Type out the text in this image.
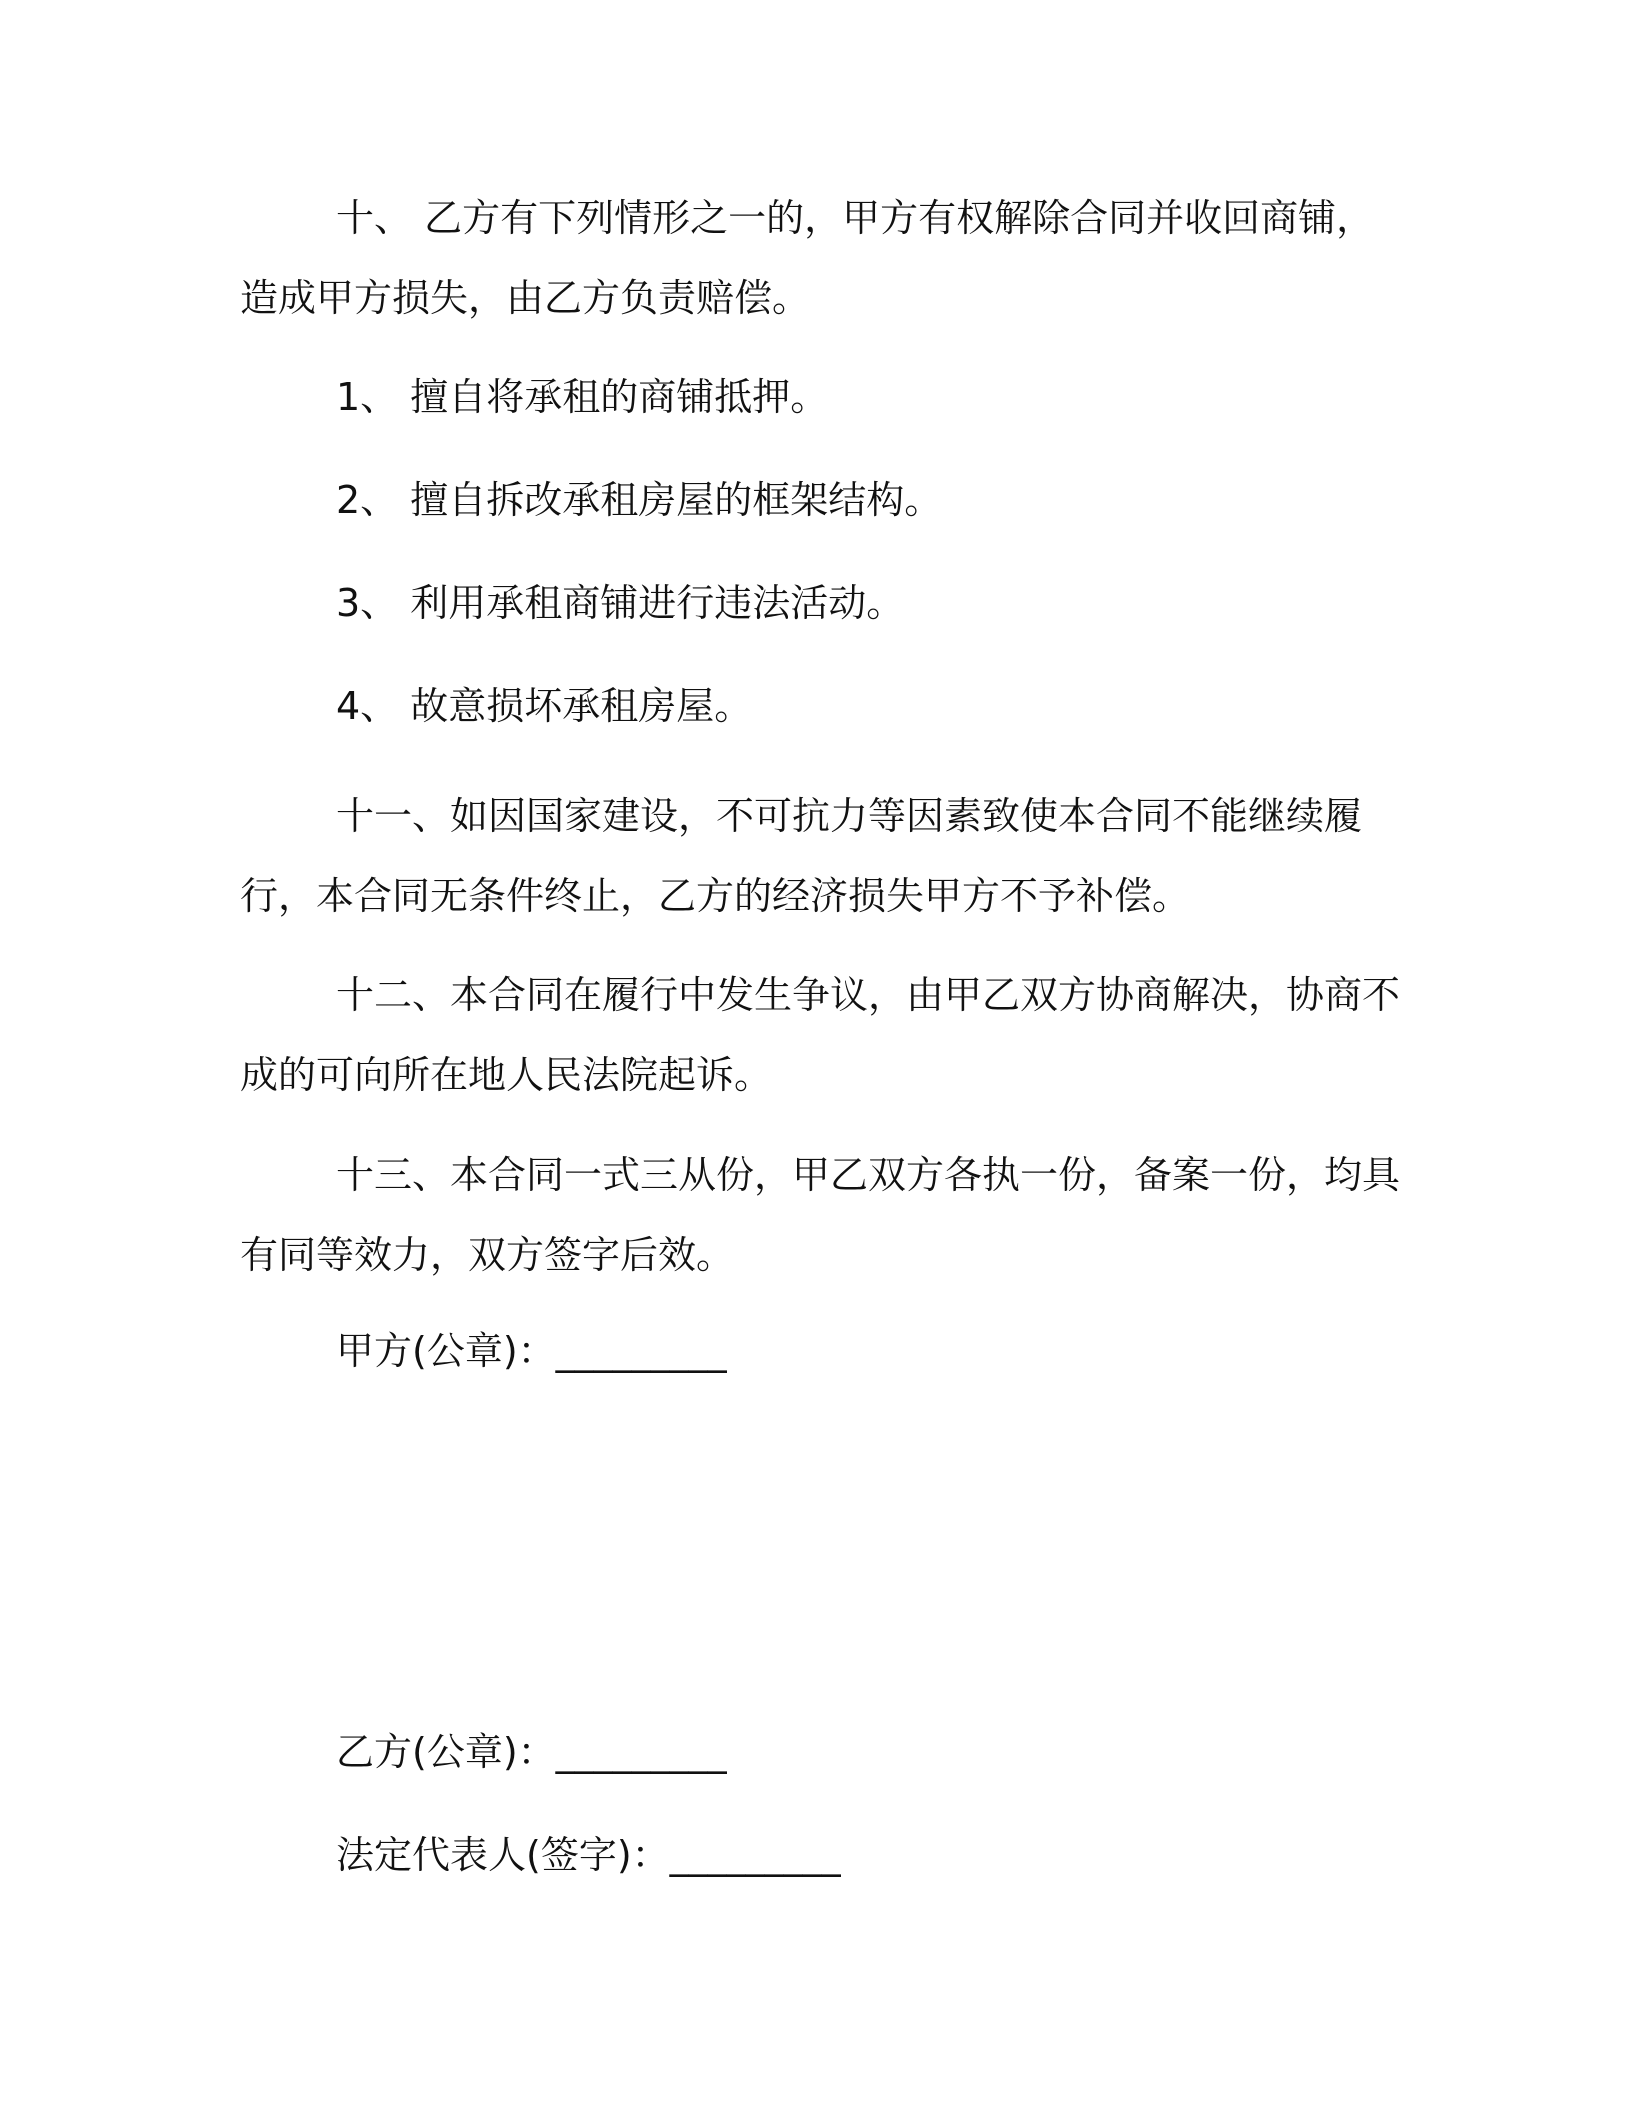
十、 乙方有下列情形之一的，甲方有权解除合同并收回商铺，造成甲方损失，由乙方负责赔偿。

1、 擅自将承租的商铺抵押。

2、 擅自拆改承租房屋的框架结构。

3、 利用承租商铺进行违法活动。

4、 故意损坏承租房屋。

十一、如因国家建设，不可抗力等因素致使本合同不能继续履行，本合同无条件终止，乙方的经济损失甲方不予补偿。

十二、本合同在履行中发生争议，由甲乙双方协商解决，协商不成的可向所在地人民法院起诉。

十三、本合同一式三从份，甲乙双方各执一份，备案一份，均具有同等效力，双方签字后效。

甲方(公章)：_________

乙方(公章)：_________

法定代表人(签字)：_________
